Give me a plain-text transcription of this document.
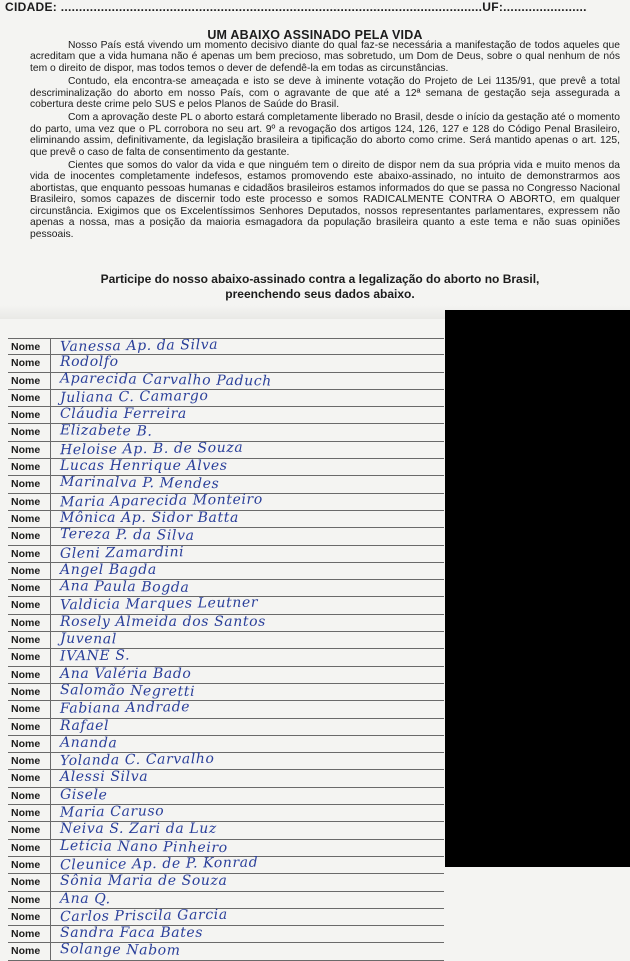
CIDADE: ....................................................................................................................UF:.......................
UM ABAIXO ASSINADO PELA VIDA

Nosso País está vivendo um momento decisivo diante do qual faz-se necessária a manifestação de todos aqueles que acreditam que a vida humana não é apenas um bem precioso, mas sobretudo, um Dom de Deus, sobre o qual nenhum de nós tem o direito de dispor, mas todos temos o dever de defendê-la em todas as circunstâncias.

Contudo, ela encontra-se ameaçada e isto se deve à iminente votação do Projeto de Lei 1135/91, que prevê a total descriminalização do aborto em nosso País, com o agravante de que até a 12ª semana de gestação seja assegurada a cobertura deste crime pelo SUS e pelos Planos de Saúde do Brasil.

Com a aprovação deste PL o aborto estará completamente liberado no Brasil, desde o início da gestação até o momento do parto, uma vez que o PL corrobora no seu art. 9º a revogação dos artigos 124, 126, 127 e 128 do Código Penal Brasileiro, eliminando assim, definitivamente, da legislação brasileira a tipificação do aborto como crime. Será mantido apenas o art. 125, que prevê o caso de falta de consentimento da gestante.

Cientes que somos do valor da vida e que ninguém tem o direito de dispor nem da sua própria vida e muito menos da vida de inocentes completamente indefesos, estamos promovendo este abaixo-assinado, no intuito de demonstrarmos aos abortistas, que enquanto pessoas humanas e cidadãos brasileiros estamos informados do que se passa no Congresso Nacional Brasileiro, somos capazes de discernir todo este processo e somos RADICALMENTE CONTRA O ABORTO, em qualquer circunstância. Exigimos que os Excelentíssimos Senhores Deputados, nossos representantes parlamentares, expressem não apenas a nossa, mas a posição da maioria esmagadora da população brasileira quanto a este tema e não suas opiniões pessoais.

Participe do nosso abaixo-assinado contra a legalização do aborto no Brasil,
preenchendo seus dados abaixo.
Nome	Vanessa Ap. da Silva
Nome	Rodolfo
Nome	Aparecida Carvalho Paduch
Nome	Juliana C. Camargo
Nome	Cláudia Ferreira
Nome	Elizabete B.
Nome	Heloise Ap. B. de Souza
Nome	Lucas Henrique Alves
Nome	Marinalva P. Mendes
Nome	Maria Aparecida Monteiro
Nome	Mônica Ap. Sidor Batta
Nome	Tereza P. da Silva
Nome	Gleni Zamardini
Nome	Angel Bagda
Nome	Ana Paula Bogda
Nome	Valdicia Marques Leutner
Nome	Rosely Almeida dos Santos
Nome	Juvenal
Nome	IVANE S.
Nome	Ana Valéria Bado
Nome	Salomão Negretti
Nome	Fabiana Andrade
Nome	Rafael
Nome	Ananda
Nome	Yolanda C. Carvalho
Nome	Alessi Silva
Nome	Gisele
Nome	Maria Caruso
Nome	Neiva S. Zari da Luz
Nome	Letícia Nano Pinheiro
Nome	Cleunice Ap. de P. Konrad
Nome	Sônia Maria de Souza
Nome	Ana Q.
Nome	Carlos Priscila Garcia
Nome	Sandra Faca Bates
Nome	Solange Nabom
